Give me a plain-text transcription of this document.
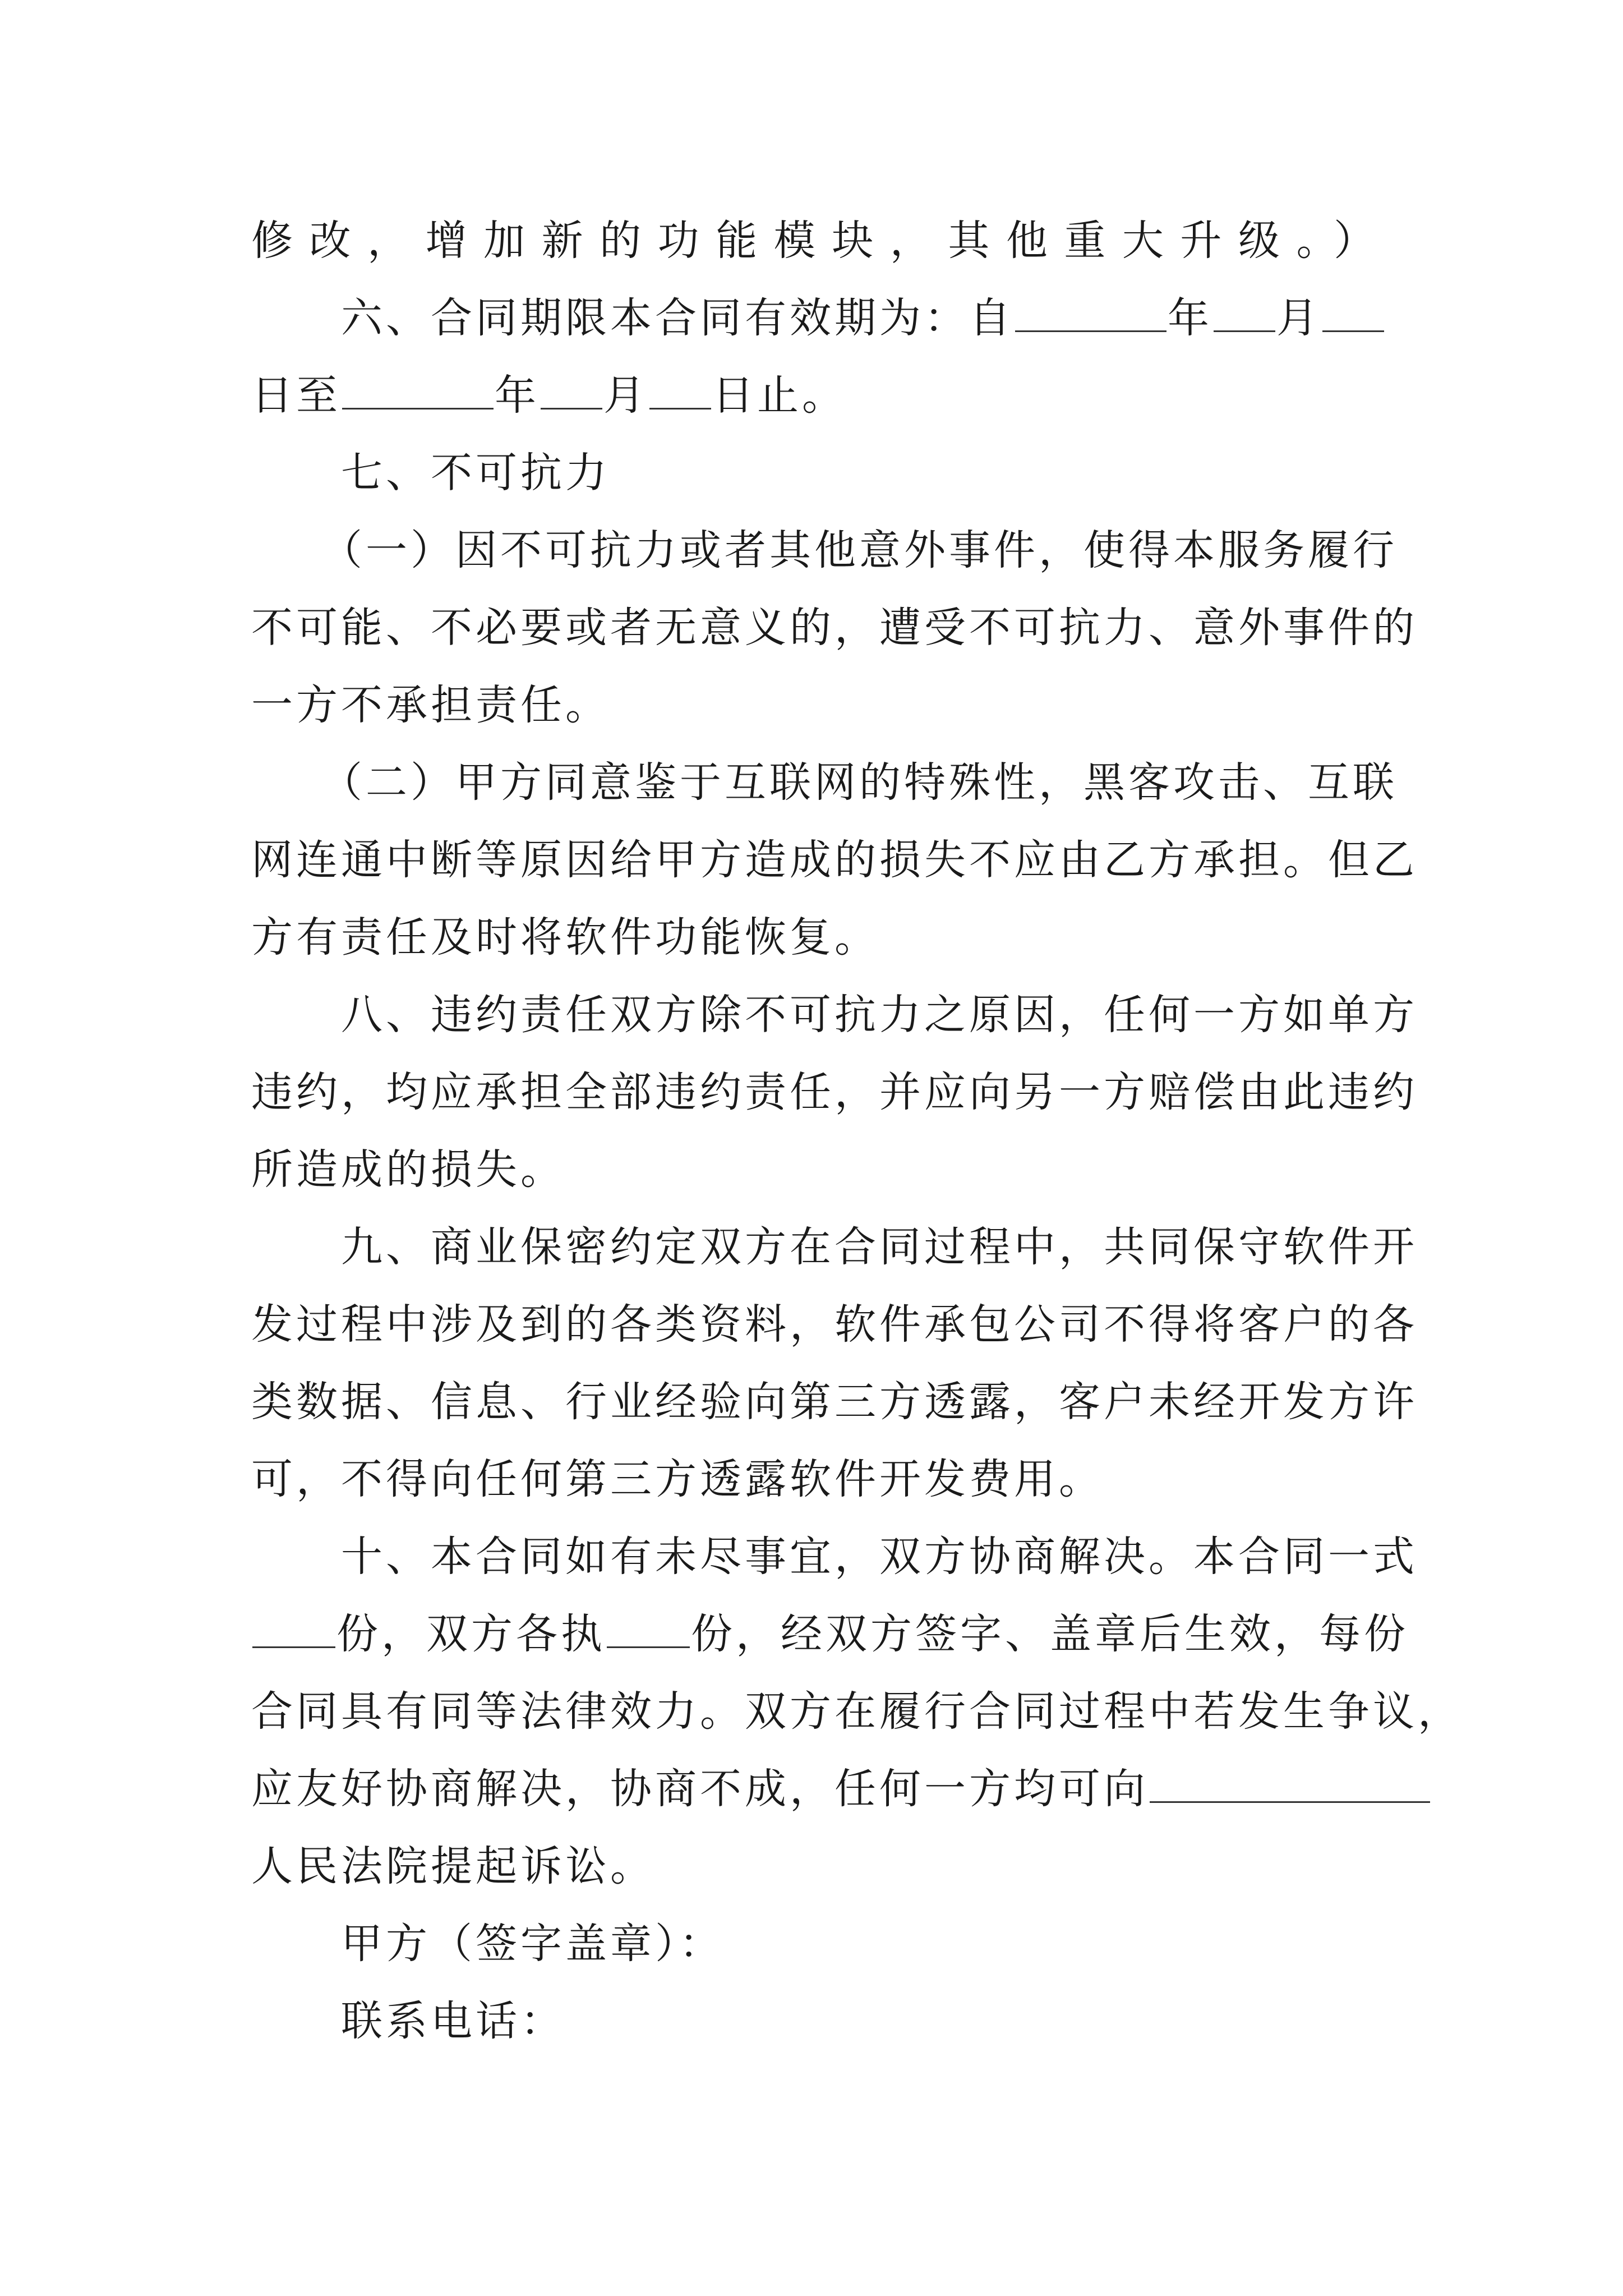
修改，增加新的功能模块，其他重大升级。）
六、合同期限本合同有效期为：自	年 月
日至	年 月 日止。
七、不可抗力
（一）因不可抗力或者其他意外事件，使得本服务履行
不可能、不必要或者无意义的，遭受不可抗力、意外事件的
一方不承担责任。
（二）甲方同意鉴于互联网的特殊性，黑客攻击、互联
网连通中断等原因给甲方造成的损失不应由乙方承担。但乙
方有责任及时将软件功能恢复。
八、违约责任双方除不可抗力之原因，任何一方如单方
违约，均应承担全部违约责任，并应向另一方赔偿由此违约
所造成的损失。
九、商业保密约定双方在合同过程中，共同保守软件开
发过程中涉及到的各类资料，软件承包公司不得将客户的各
类数据、信息、行业经验向第三方透露，客户未经开发方许
可，不得向任何第三方透露软件开发费用。
十、本合同如有未尽事宜，双方协商解决。本合同一式
份，双方各执 份，经双方签字、盖章后生效，每份
合同具有同等法律效力。双方在履行合同过程中若发生争议，
应友好协商解决，协商不成，任何一方均可向
人民法院提起诉讼。
甲方（签字盖章）：
联系电话：
